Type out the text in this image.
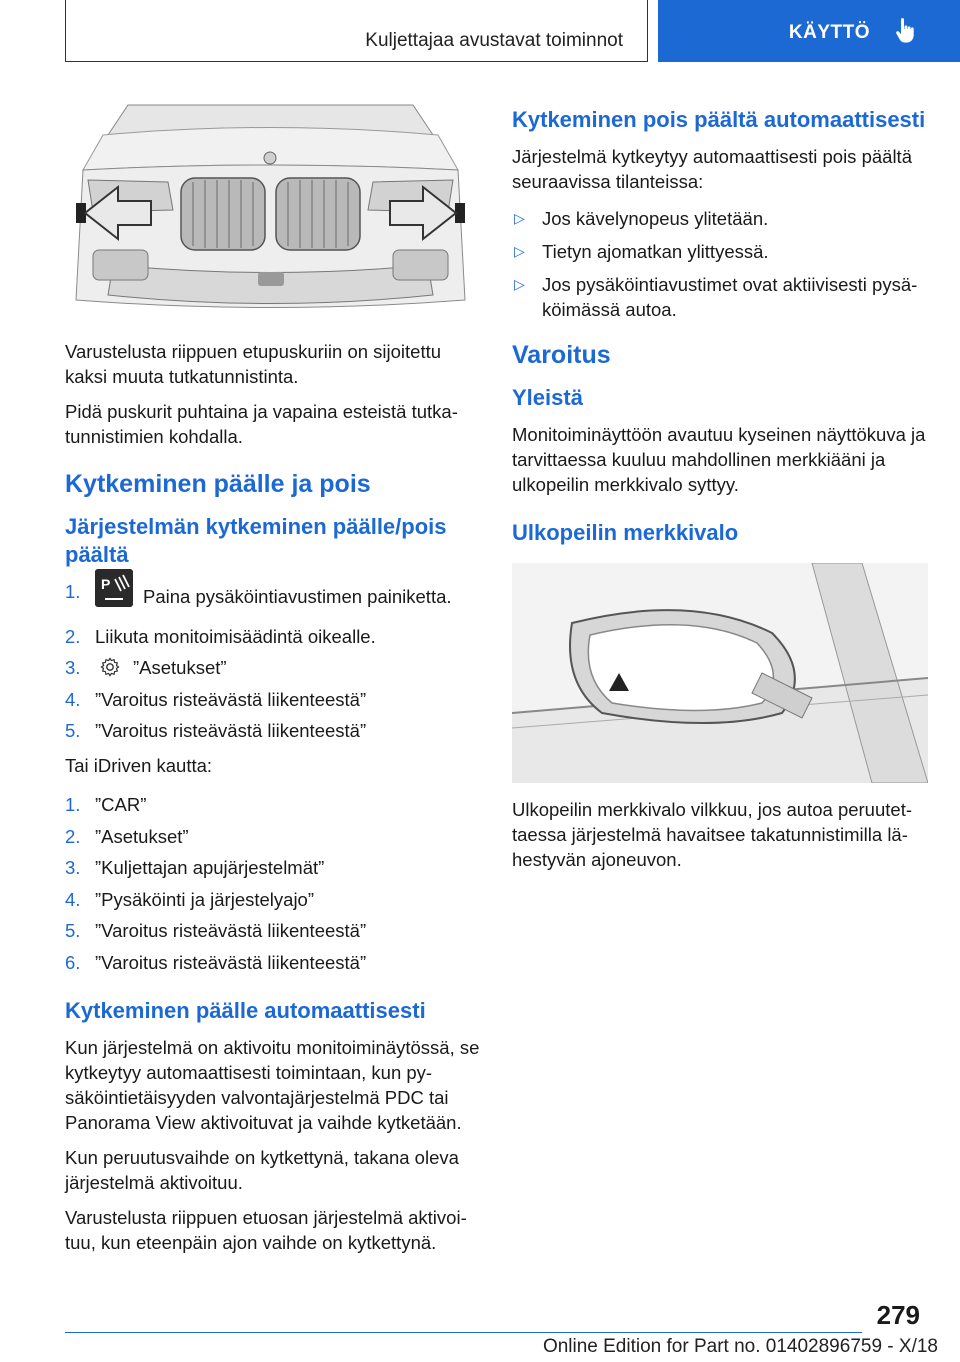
Kuljettajaa avustavat toiminnot	KÄYTTÖ

Varustelusta riippuen etupuskuriin on sijoitettu kaksi muuta tutkatunnistinta.

Pidä puskurit puhtaina ja vapaina esteistä tutka-tunnistimien kohdalla.

Kytkeminen päälle ja pois
Järjestelmän kytkeminen päälle/pois päältä
1. P
Paina pysäköintiavustimen painiketta.
2. Liikuta monitoimisäädintä oikealle.
3.	”Asetukset”
4. ”Varoitus risteävästä liikenteestä”
5. ”Varoitus risteävästä liikenteestä”

Tai iDriven kautta:

1. ”CAR”
2. ”Asetukset”
3. ”Kuljettajan apujärjestelmät”
4. ”Pysäköinti ja järjestelyajo”
5. ”Varoitus risteävästä liikenteestä”
6. ”Varoitus risteävästä liikenteestä”
Kytkeminen päälle automaattisesti

Kun järjestelmä on aktivoitu monitoiminäytössä, se kytkeytyy automaattisesti toimintaan, kun py-säköintietäisyyden valvontajärjestelmä PDC tai Panorama View aktivoituvat ja vaihde kytketään.

Kun peruutusvaihde on kytkettynä, takana oleva järjestelmä aktivoituu.

Varustelusta riippuen etuosan järjestelmä aktivoi-tuu, kun eteenpäin ajon vaihde on kytkettynä.

Kytkeminen pois päältä automaattisesti

Järjestelmä kytkeytyy automaattisesti pois päältä seuraavissa tilanteissa:

▷ Jos kävelynopeus ylitetään.
▷ Tietyn ajomatkan ylittyessä.
▷ Jos pysäköintiavustimet ovat aktiivisesti pysä-köimässä autoa.
Varoitus
Yleistä

Monitoiminäyttöön avautuu kyseinen näyttökuva ja tarvittaessa kuuluu mahdollinen merkkiääni ja ulkopeilin merkkivalo syttyy.

Ulkopeilin merkkivalo

Ulkopeilin merkkivalo vilkkuu, jos autoa peruutet-taessa järjestelmä havaitsee takatunnistimilla lä-hestyvän ajoneuvon.

279
Online Edition for Part no. 01402896759 - X/18
